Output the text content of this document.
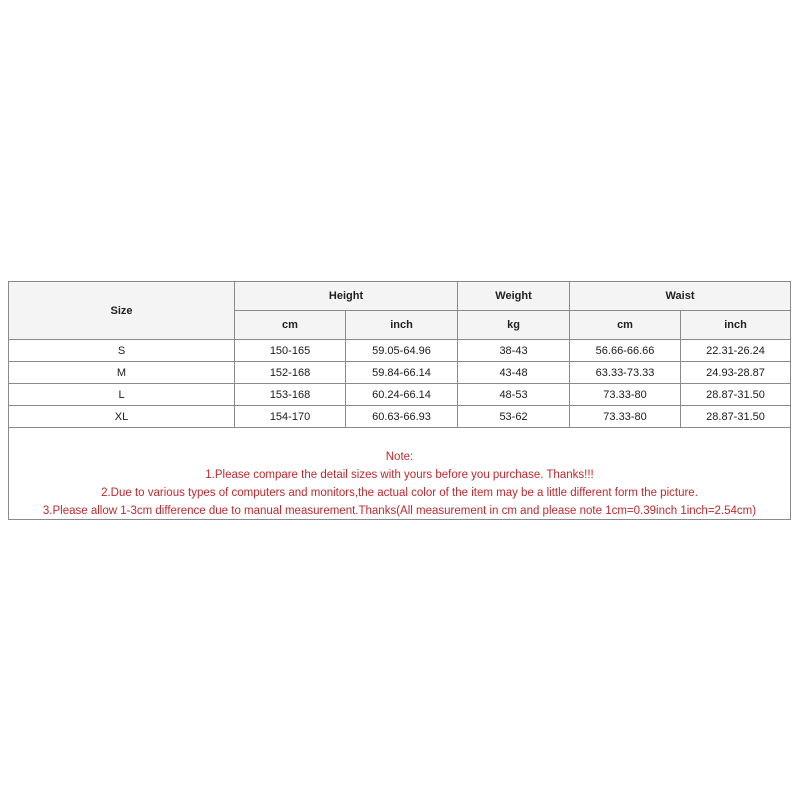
Size	Height		Weight	Waist	
	cm	inch	kg	cm	inch
S	150-165	59.05-64.96	38-43	56.66-66.66	22.31-26.24
M	152-168	59.84-66.14	43-48	63.33-73.33	24.93-28.87
L	153-168	60.24-66.14	48-53	73.33-80	28.87-31.50
XL	154-170	60.63-66.93	53-62	73.33-80	28.87-31.50
Note:
1.Please compare the detail sizes with yours before you purchase. Thanks!!!
2.Due to various types of computers and monitors,the actual color of the item may be a little different form the picture.
3.Please allow 1-3cm difference due to manual measurement.Thanks(All measurement in cm and please note 1cm=0.39inch 1inch=2.54cm)
